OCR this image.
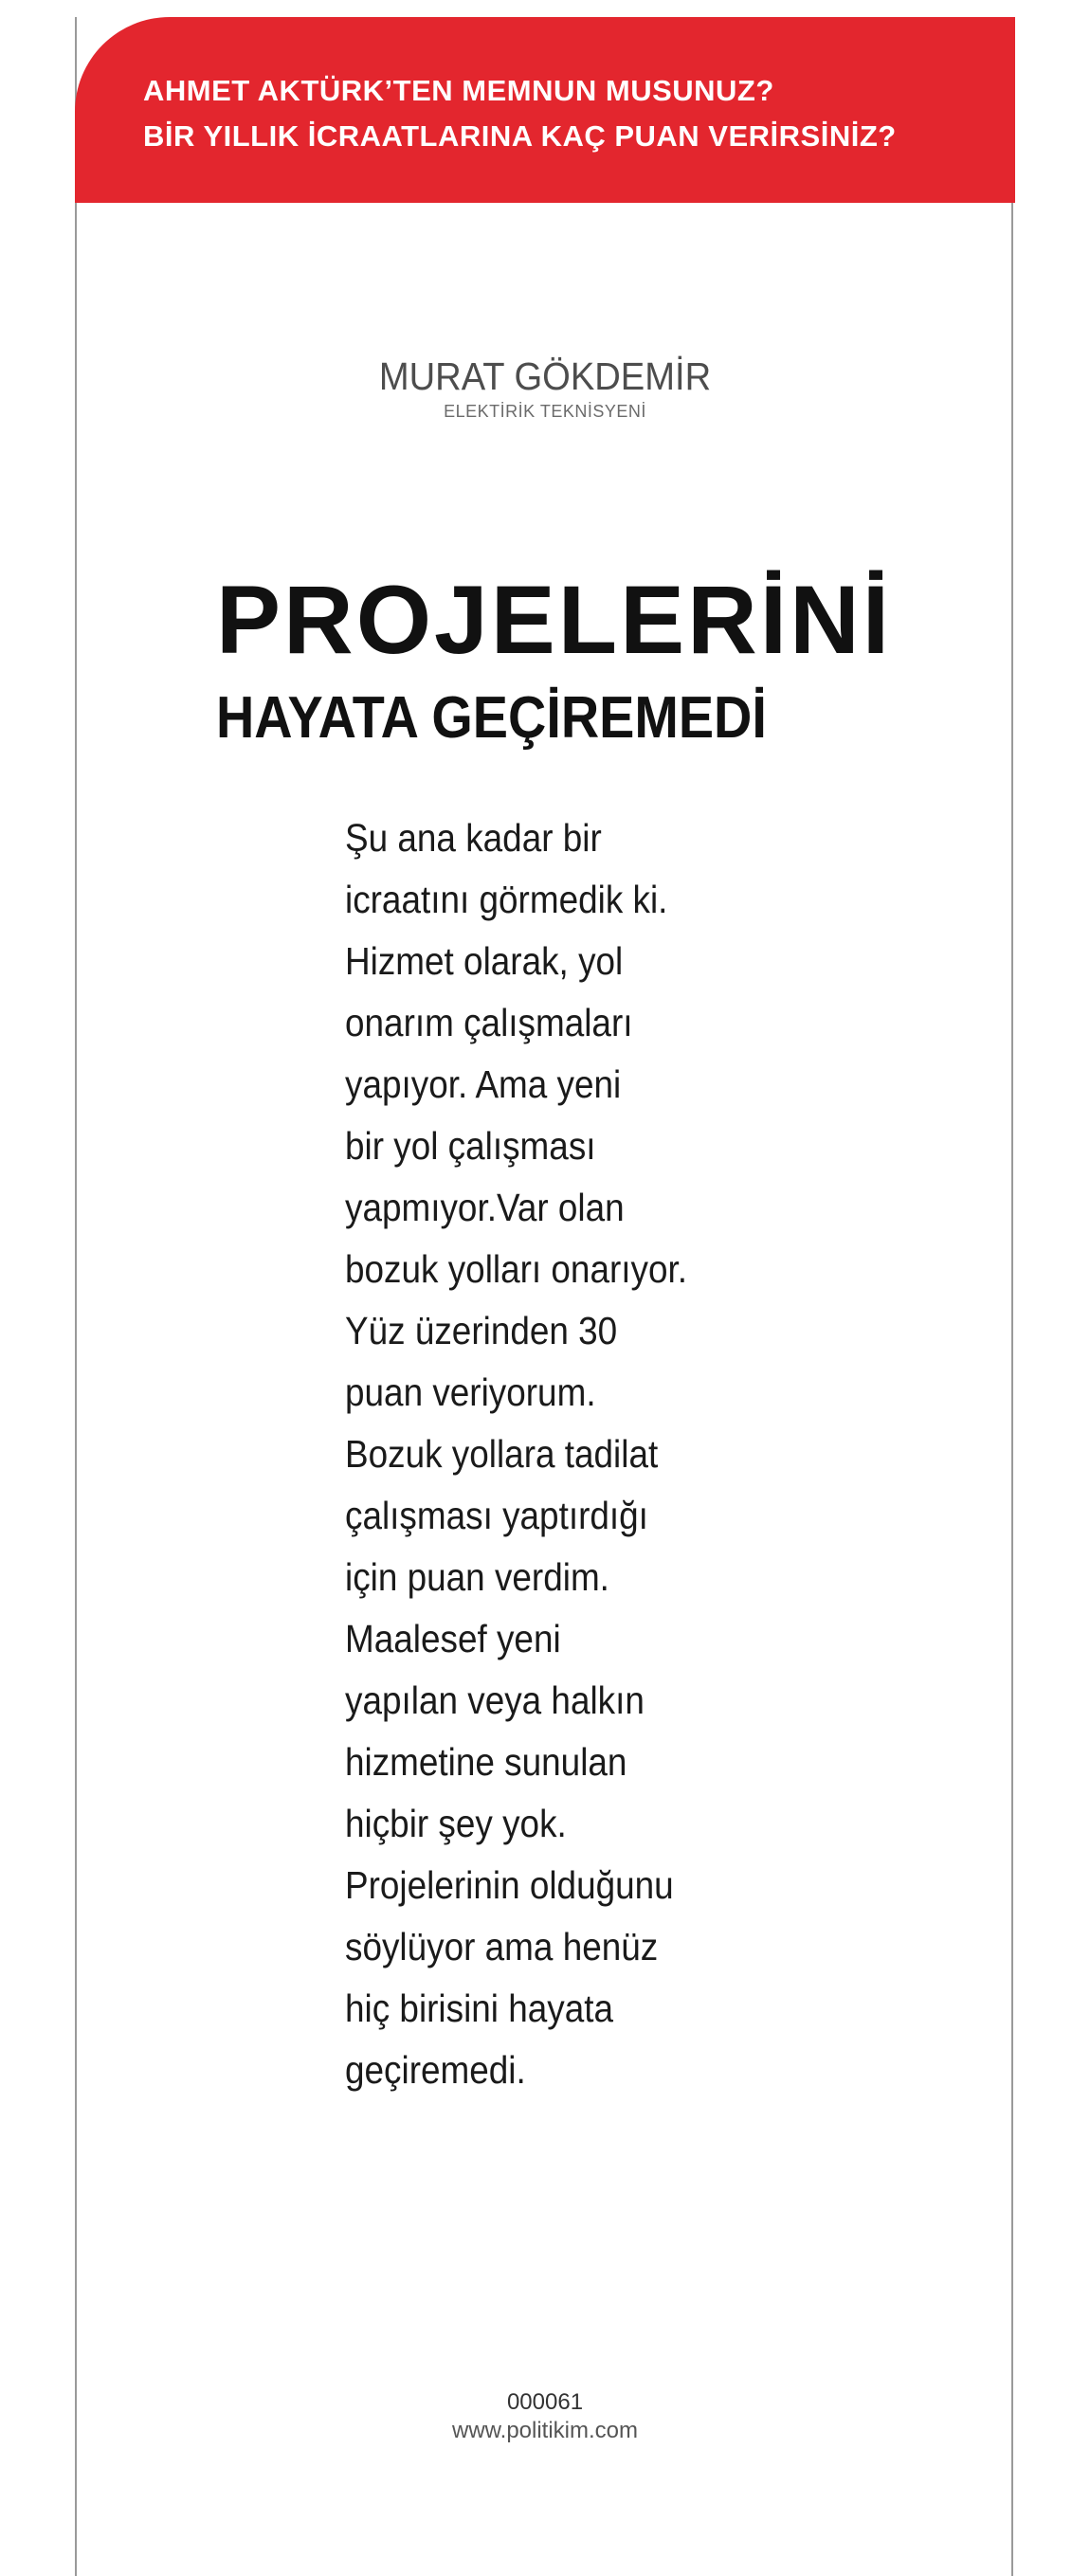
AHMET AKTÜRK’TEN MEMNUN MUSUNUZ?
BİR YILLIK İCRAATLARINA KAÇ PUAN VERİRSİNİZ?
MURAT GÖKDEMİR
ELEKTİRİK TEKNİSYENİ
PROJELERİNİ
HAYATA GEÇİREMEDİ
Şu ana kadar bir
icraatını görmedik ki.
Hizmet olarak, yol
onarım çalışmaları
yapıyor. Ama yeni
bir yol çalışması
yapmıyor.Var olan
bozuk yolları onarıyor.
Yüz üzerinden 30
puan veriyorum.
Bozuk yollara tadilat
çalışması yaptırdığı
için puan verdim.
Maalesef yeni
yapılan veya halkın
hizmetine sunulan
hiçbir şey yok.
Projelerinin olduğunu
söylüyor ama henüz
hiç birisini hayata
geçiremedi.
000061
www.politikim.com
